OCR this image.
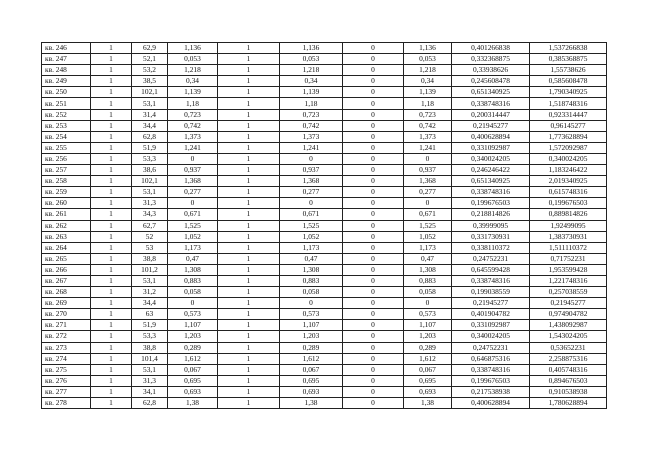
кв. 246	1	62,9	1,136	1	1,136	0	1,136	0,401266838	1,537266838
кв. 247	1	52,1	0,053	1	0,053	0	0,053	0,332368875	0,385368875
кв. 248	1	53,2	1,218	1	1,218	0	1,218	0,33938626	1,55738626
кв. 249	1	38,5	0,34	1	0,34	0	0,34	0,245608478	0,585608478
кв. 250	1	102,1	1,139	1	1,139	0	1,139	0,651340925	1,790340925
кв. 251	1	53,1	1,18	1	1,18	0	1,18	0,338748316	1,518748316
кв. 252	1	31,4	0,723	1	0,723	0	0,723	0,200314447	0,923314447
кв. 253	1	34,4	0,742	1	0,742	0	0,742	0,21945277	0,96145277
кв. 254	1	62,8	1,373	1	1,373	0	1,373	0,400628894	1,773628894
кв. 255	1	51,9	1,241	1	1,241	0	1,241	0,331092987	1,572092987
кв. 256	1	53,3	0	1	0	0	0	0,340024205	0,340024205
кв. 257	1	38,6	0,937	1	0,937	0	0,937	0,246246422	1,183246422
кв. 258	1	102,1	1,368	1	1,368	0	1,368	0,651340925	2,019340925
кв. 259	1	53,1	0,277	1	0,277	0	0,277	0,338748316	0,615748316
кв. 260	1	31,3	0	1	0	0	0	0,199676503	0,199676503
кв. 261	1	34,3	0,671	1	0,671	0	0,671	0,218814826	0,889814826
кв. 262	1	62,7	1,525	1	1,525	0	1,525	0,39999095	1,92499095
кв. 263	1	52	1,052	1	1,052	0	1,052	0,331730931	1,383730931
кв. 264	1	53	1,173	1	1,173	0	1,173	0,338110372	1,511110372
кв. 265	1	38,8	0,47	1	0,47	0	0,47	0,24752231	0,71752231
кв. 266	1	101,2	1,308	1	1,308	0	1,308	0,645599428	1,953599428
кв. 267	1	53,1	0,883	1	0,883	0	0,883	0,338748316	1,221748316
кв. 268	1	31,2	0,058	1	0,058	0	0,058	0,199038559	0,257038559
кв. 269	1	34,4	0	1	0	0	0	0,21945277	0,21945277
кв. 270	1	63	0,573	1	0,573	0	0,573	0,401904782	0,974904782
кв. 271	1	51,9	1,107	1	1,107	0	1,107	0,331092987	1,438092987
кв. 272	1	53,3	1,203	1	1,203	0	1,203	0,340024205	1,543024205
кв. 273	1	38,8	0,289	1	0,289	0	0,289	0,24752231	0,53652231
кв. 274	1	101,4	1,612	1	1,612	0	1,612	0,646875316	2,258875316
кв. 275	1	53,1	0,067	1	0,067	0	0,067	0,338748316	0,405748316
кв. 276	1	31,3	0,695	1	0,695	0	0,695	0,199676503	0,894676503
кв. 277	1	34,1	0,693	1	0,693	0	0,693	0,217538938	0,910538938
кв. 278	1	62,8	1,38	1	1,38	0	1,38	0,400628894	1,780628894
